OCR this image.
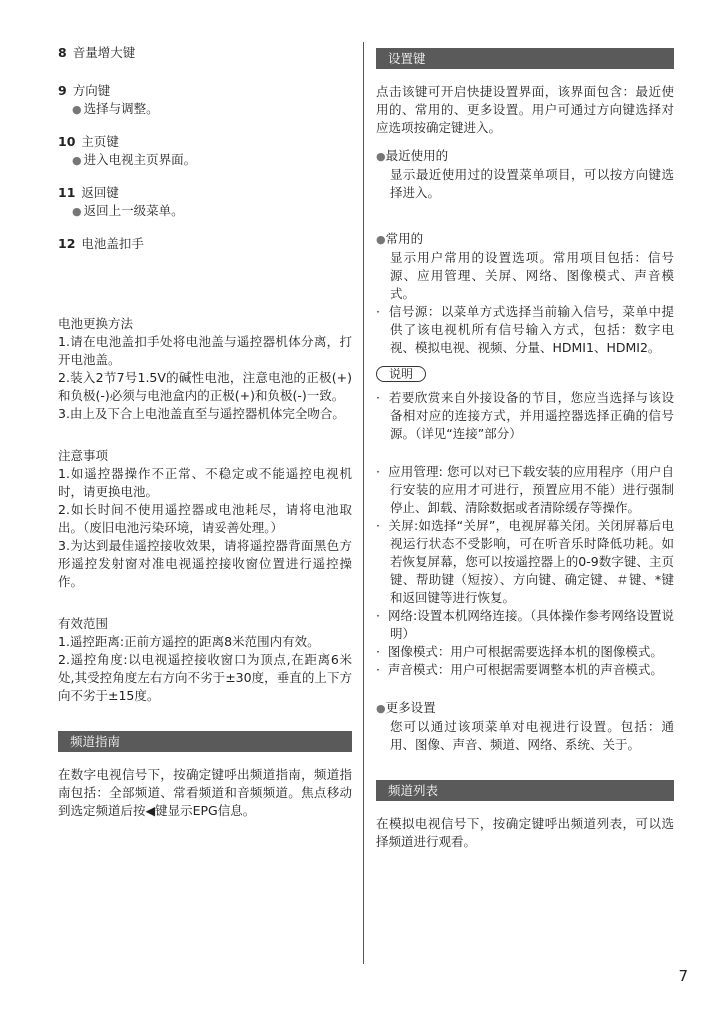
8 音量增大键
9 方向键
● 选择与调整。
10 主页键
● 进入电视主页界面。
11 返回键
● 返回上一级菜单。
12 电池盖扣手

电池更换方法

1.请在电池盖扣手处将电池盖与遥控器机体分离，打开电池盖。

2.装入2节7号1.5V的碱性电池，注意电池的正极(+)和负极(-)必须与电池盒内的正极(+)和负极(-)一致。

3.由上及下合上电池盖直至与遥控器机体完全吻合。

注意事项

1.如遥控器操作不正常、不稳定或不能遥控电视机时，请更换电池。

2.如长时间不使用遥控器或电池耗尽，请将电池取出。（废旧电池污染环境，请妥善处理。）

3.为达到最佳遥控接收效果，请将遥控器背面黑色方形遥控发射窗对准电视遥控接收窗位置进行遥控操作。

有效范围

1.遥控距离:正前方遥控的距离8米范围内有效。

2.遥控角度:以电视遥控接收窗口为顶点,在距离6米处,其受控角度左右方向不劣于±30度，垂直的上下方向不劣于±15度。

频道指南

在数字电视信号下，按确定键呼出频道指南，频道指南包括：全部频道、常看频道和音频频道。焦点移动到选定频道后按◀键显示EPG信息。

设置键

点击该键可开启快捷设置界面，该界面包含：最近使用的、常用的、更多设置。用户可通过方向键选择对应选项按确定键进入。

●最近使用的

显示最近使用过的设置菜单项目，可以按方向键选择进入。

●常用的

显示用户常用的设置选项。常用项目包括：信号源、应用管理、关屏、网络、图像模式、声音模式。

·  信号源：以菜单方式选择当前输入信号，菜单中提供了该电视机所有信号输入方式，包括：数字电视、模拟电视、视频、分量、HDMI1、HDMI2。

说明

·  若要欣赏来自外接设备的节目，您应当选择与该设备相对应的连接方式，并用遥控器选择正确的信号源。（详见“连接”部分）

·  应用管理: 您可以对已下载安装的应用程序（用户自行安装的应用才可进行，预置应用不能）进行强制停止、卸载、清除数据或者清除缓存等操作。

·  关屏:如选择“关屏”，电视屏幕关闭。关闭屏幕后电视运行状态不受影响，可在听音乐时降低功耗。如若恢复屏幕，您可以按遥控器上的0-9数字键、主页键、帮助键（短按）、方向键、确定键、＃键、*键和返回键等进行恢复。

·  网络:设置本机网络连接。（具体操作参考网络设置说明）

·  图像模式：用户可根据需要选择本机的图像模式。

·  声音模式：用户可根据需要调整本机的声音模式。

●更多设置

您可以通过该项菜单对电视进行设置。包括：通用、图像、声音、频道、网络、系统、关于。

频道列表

在模拟电视信号下，按确定键呼出频道列表，可以选择频道进行观看。

7
